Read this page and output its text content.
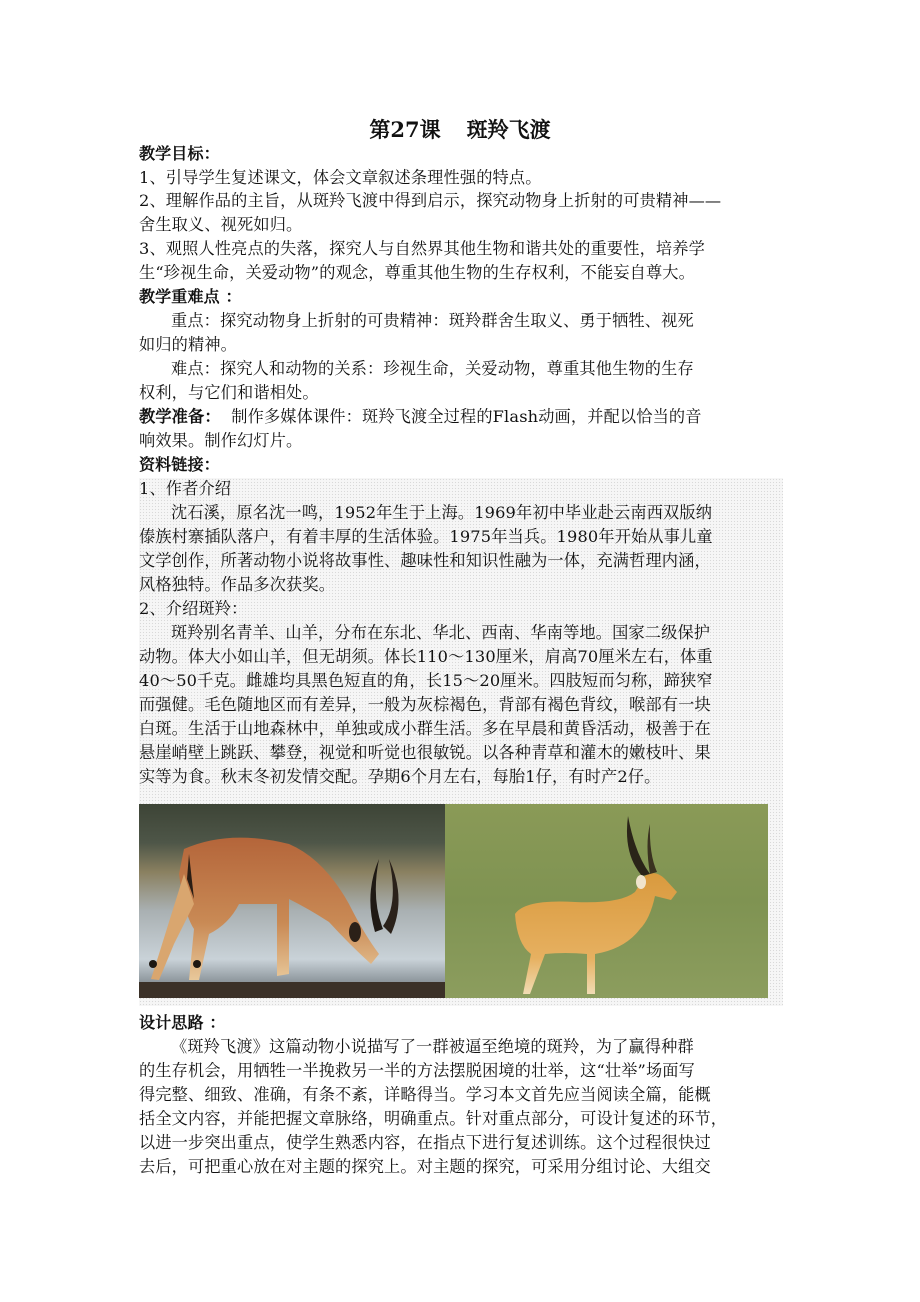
第27课 斑羚飞渡
教学目标：
1、引导学生复述课文，体会文章叙述条理性强的特点。
2、理解作品的主旨，从斑羚飞渡中得到启示，探究动物身上折射的可贵精神——
舍生取义、视死如归。
3、观照人性亮点的失落，探究人与自然界其他生物和谐共处的重要性，培养学
生“珍视生命，关爱动物”的观念，尊重其他生物的生存权利，不能妄自尊大。
教学重难点 ：
重点：探究动物身上折射的可贵精神：斑羚群舍生取义、勇于牺牲、视死
如归的精神。
难点：探究人和动物的关系：珍视生命，关爱动物，尊重其他生物的生存
权利，与它们和谐相处。
教学准备： 制作多媒体课件：斑羚飞渡全过程的Flash动画，并配以恰当的音
响效果。制作幻灯片。
资料链接：
1、作者介绍
沈石溪，原名沈一鸣，1952年生于上海。1969年初中毕业赴云南西双版纳
傣族村寨插队落户，有着丰厚的生活体验。1975年当兵。1980年开始从事儿童
文学创作，所著动物小说将故事性、趣味性和知识性融为一体，充满哲理内涵，
风格独特。作品多次获奖。
2、介绍斑羚：
斑羚别名青羊、山羊，分布在东北、华北、西南、华南等地。国家二级保护
动物。体大小如山羊，但无胡须。体长110～130厘米，肩高70厘米左右，体重
40～50千克。雌雄均具黑色短直的角，长15～20厘米。四肢短而匀称，蹄狭窄
而强健。毛色随地区而有差异，一般为灰棕褐色，背部有褐色背纹，喉部有一块
白斑。生活于山地森林中，单独或成小群生活。多在早晨和黄昏活动，极善于在
悬崖峭壁上跳跃、攀登，视觉和听觉也很敏锐。以各种青草和灌木的嫩枝叶、果
实等为食。秋末冬初发情交配。孕期6个月左右，每胎1仔，有时产2仔。
设计思路 ：
《斑羚飞渡》这篇动物小说描写了一群被逼至绝境的斑羚，为了赢得种群
的生存机会，用牺牲一半挽救另一半的方法摆脱困境的壮举，这“壮举”场面写
得完整、细致、准确，有条不紊，详略得当。学习本文首先应当阅读全篇，能概
括全文内容，并能把握文章脉络，明确重点。针对重点部分，可设计复述的环节，
以进一步突出重点，使学生熟悉内容，在指点下进行复述训练。这个过程很快过
去后，可把重心放在对主题的探究上。对主题的探究，可采用分组讨论、大组交
